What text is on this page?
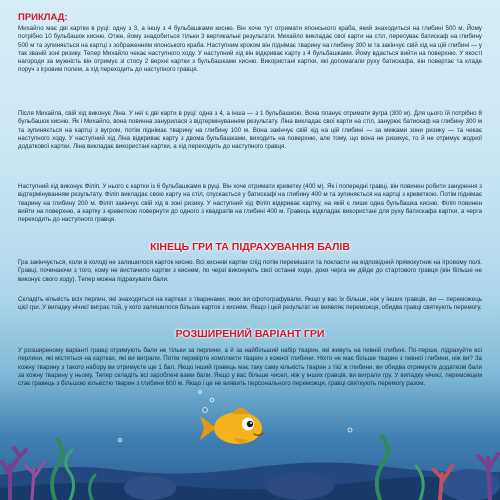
ПРИКЛАД:

Михайло має дві картки в руці: одну з 3, а іншу з 4 бульбашками кисню. Він хоче тут отримати японського краба, який знаходиться на глибині 500 м. Йому потрібно 10 бульбашок кисню. Отже, йому знадобиться тільки 3 вертикальні результати. Михайло викладає свої карти на стіл, пересуває батискаф на глибину 500 м та зупиняється на картці з зображенням японського краба. Наступним кроком він піднімає тварину на глибину 300 м та закінчує свій хід на цій глибині — у так званій зоні ризику. Тепер Михайло чекає наступного ходу. У наступний хід він відкриває карту з 4 бульбашками. Йому вдається вийти на поверхню. У якості нагороди за мужність він отримує зі стосу 2 верхні картки з бульбашками кисню. Використані картки, які допомагали руху батискафа, він повертає та кладе поруч з ігровим полем, а хід переходить до наступного гравця.

Після Михайла, свій хід виконує Ліна. У неї є дві карти в руці: одна з 4, а інша — з 1 бульбашкою. Вона планує отримати вугра (300 м). Для цього їй потрібно 8 бульбашок кисню. Як і Михайло, вона повинна занурилася з відтермінуванням результату. Ліна викладає свої карти на стіл, занурює батискаф на глибину 300 м та зупиняється на картці з вугром, потім піднімає тварину на глибину 100 м. Вона закінчує свій хід на цій глибині — за межами зони ризику — та чекає наступного ходу. У наступний хід Ліна відкриває карту з двома бульбашками, виходить на поверхню, але тому, що вона не ризикує, то й не отримує жодної додаткової картки. Ліна викладає використані картки, а хід переходить до наступного гравця.

Наступний хід виконує Філіп. У нього є картки із 6 бульбашками в руці. Він хоче отримати креветку (400 м). Як і попередні гравці, він повинен робити занурення з відтермінуванням результату. Філіп викладає свою карту на стіл, спускається у батискафі на глибину 400 м та зупиняється на картці з креветкою. Потім піднімає тварину на глибину 200 м. Філіп закінчує свій хід в зоні ризику. У наступний хід Філіп відкриває картку, на якій є лише одна бульбашка кисню. Філіп повинен вийти на поверхню, а картку з креветкою повернути до одного з квадратів на глибині 400 м. Гравець відкладає використані для руху батискафа картки, а черга переходить до наступного гравця.

КІНЕЦЬ ГРИ ТА ПІДРАХУВАННЯ БАЛІВ

Гра закінчується, коли в колоді не залишилося карток кисню. Всі кисневі картки слід потім перемішати та покласти на відповідний прямокутник на ігровому полі. Гравці, починаючи з того, кому не вистачило картки з киснем, по черзі виконують свої останні ходи, доки черга не дійде до стартового гравця (він більше не виконує свого ходу). Тепер можна підрахувати бали.

Складіть кількість всіх перлин, які знаходяться на картках з тваринами, яких ви сфотографували. Якщо у вас їх більше, ніж у інших гравців, ви — переможець цієї гри. У випадку нічиєї виграє той, у кого залишилося більше карток з киснем. Якщо і цей результат не виявляє переможця, обидва гравці святкують перемогу.

РОЗШИРЕНИЙ ВАРІАНТ ГРИ

У розширеному варіанті гравці отримують бали не тільки за перлини, а й за найбільший набір тварин, які живуть на певній глибині. По-перше, підрахуйте всі перлини, які містяться на картках, які ви виграли. Потім перевірте комплекти тварин з кожної глибини. Ніхто не має більше тварин з певної глибини, ніж ви? За кожну тварину з такого набору ви отримуєте ще 1 бал. Якщо інший гравець має таку саму кількість тварин з тієї ж глибини, ви обидва отримуєте додаткові бали за кожну тварину у ньому. Тепер складіть всі зароблені вами бали. Якщо у вас більше чисел, ніж у інших гравців, ви виграли гру. У випадку нічиєї, переможцем стає гравець з більшою кількістю тварин з глибини 600 м. Якщо і це не виявить персонального переможця, гравці святкують перемогу разом.
